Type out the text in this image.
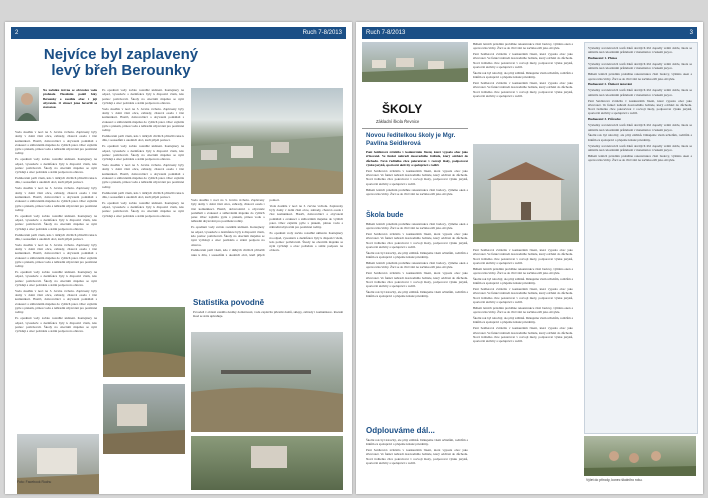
2	Ruch 7-8/2013
Nejvíce byl zaplavený levý břeh Berounky
Na začátku června se obrovská voda prohnala Hostěním podél řeky Berounky a zasáhla obec i její obyvatele. O situaci jsme hovořili se starostou.

Voda dosáhla v noci na 3. června vrcholu. Zaplaveny byly domy v dolní části obce, zahrady, chatová osada i část komunikací. Hasiči, dobrovolníci a obyvatelé pomáhali s evakuací a stěhováním majetku do vyšších pater. Obec zajistila pytle s pískem, pitnou vodu a náhradní ubytování pro postižené rodiny.

Po opadnutí vody začalo rozsáhlé uklízení. Kontejnery na odpad, vysoušeče a dezinfekce byly k dispozici všem, kdo pomoc potřebovali. Škody na obecním majetku se nyní vyčíslují a obec požádala o státní podporu na obnovu.

Poděkování patří všem, kdo v těžkých chvílích přiložili ruku k dílu, i sousedům z okolních obcí, kteří přijeli pomoci.

Voda dosáhla v noci na 3. června vrcholu. Zaplaveny byly domy v dolní části obce, zahrady, chatová osada i část komunikací. Hasiči, dobrovolníci a obyvatelé pomáhali s evakuací a stěhováním majetku do vyšších pater. Obec zajistila pytle s pískem, pitnou vodu a náhradní ubytování pro postižené rodiny.

Po opadnutí vody začalo rozsáhlé uklízení. Kontejnery na odpad, vysoušeče a dezinfekce byly k dispozici všem, kdo pomoc potřebovali. Škody na obecním majetku se nyní vyčíslují a obec požádala o státní podporu na obnovu.

Poděkování patří všem, kdo v těžkých chvílích přiložili ruku k dílu, i sousedům z okolních obcí, kteří přijeli pomoci.

Voda dosáhla v noci na 3. června vrcholu. Zaplaveny byly domy v dolní části obce, zahrady, chatová osada i část komunikací. Hasiči, dobrovolníci a obyvatelé pomáhali s evakuací a stěhováním majetku do vyšších pater. Obec zajistila pytle s pískem, pitnou vodu a náhradní ubytování pro postižené rodiny.

Po opadnutí vody začalo rozsáhlé uklízení. Kontejnery na odpad, vysoušeče a dezinfekce byly k dispozici všem, kdo pomoc potřebovali. Škody na obecním majetku se nyní vyčíslují a obec požádala o státní podporu na obnovu.

Voda dosáhla v noci na 3. června vrcholu. Zaplaveny byly domy v dolní části obce, zahrady, chatová osada i část komunikací. Hasiči, dobrovolníci a obyvatelé pomáhali s evakuací a stěhováním majetku do vyšších pater. Obec zajistila pytle s pískem, pitnou vodu a náhradní ubytování pro postižené rodiny.

Po opadnutí vody začalo rozsáhlé uklízení. Kontejnery na odpad, vysoušeče a dezinfekce byly k dispozici všem, kdo pomoc potřebovali. Škody na obecním majetku se nyní vyčíslují a obec požádala o státní podporu na obnovu.

Po opadnutí vody začalo rozsáhlé uklízení. Kontejnery na odpad, vysoušeče a dezinfekce byly k dispozici všem, kdo pomoc potřebovali. Škody na obecním majetku se nyní vyčíslují a obec požádala o státní podporu na obnovu.

Voda dosáhla v noci na 3. června vrcholu. Zaplaveny byly domy v dolní části obce, zahrady, chatová osada i část komunikací. Hasiči, dobrovolníci a obyvatelé pomáhali s evakuací a stěhováním majetku do vyšších pater. Obec zajistila pytle s pískem, pitnou vodu a náhradní ubytování pro postižené rodiny.

Poděkování patří všem, kdo v těžkých chvílích přiložili ruku k dílu, i sousedům z okolních obcí, kteří přijeli pomoci.

Po opadnutí vody začalo rozsáhlé uklízení. Kontejnery na odpad, vysoušeče a dezinfekce byly k dispozici všem, kdo pomoc potřebovali. Škody na obecním majetku se nyní vyčíslují a obec požádala o státní podporu na obnovu.

Voda dosáhla v noci na 3. června vrcholu. Zaplaveny byly domy v dolní části obce, zahrady, chatová osada i část komunikací. Hasiči, dobrovolníci a obyvatelé pomáhali s evakuací a stěhováním majetku do vyšších pater. Obec zajistila pytle s pískem, pitnou vodu a náhradní ubytování pro postižené rodiny.

Poděkování patří všem, kdo v těžkých chvílích přiložili ruku k dílu, i sousedům z okolních obcí, kteří přijeli pomoci.

Po opadnutí vody začalo rozsáhlé uklízení. Kontejnery na odpad, vysoušeče a dezinfekce byly k dispozici všem, kdo pomoc potřebovali. Škody na obecním majetku se nyní vyčíslují a obec požádala o státní podporu na obnovu.

Foto: Facebook Ruchu

Voda dosáhla v noci na 3. června vrcholu. Zaplaveny byly domy v dolní části obce, zahrady, chatová osada i část komunikací. Hasiči, dobrovolníci a obyvatelé pomáhali s evakuací a stěhováním majetku do vyšších pater. Obec zajistila pytle s pískem, pitnou vodu a náhradní ubytování pro postižené rodiny.

Po opadnutí vody začalo rozsáhlé uklízení. Kontejnery na odpad, vysoušeče a dezinfekce byly k dispozici všem, kdo pomoc potřebovali. Škody na obecním majetku se nyní vyčíslují a obec požádala o státní podporu na obnovu.

Poděkování patří všem, kdo v těžkých chvílích přiložili ruku k dílu, i sousedům z okolních obcí, kteří přijeli pomoci.

Voda dosáhla v noci na 3. června vrcholu. Zaplaveny byly domy v dolní části obce, zahrady, chatová osada i část komunikací. Hasiči, dobrovolníci a obyvatelé pomáhali s evakuací a stěhováním majetku do vyšších pater. Obec zajistila pytle s pískem, pitnou vodu a náhradní ubytování pro postižené rodiny.

Po opadnutí vody začalo rozsáhlé uklízení. Kontejnery na odpad, vysoušeče a dezinfekce byly k dispozici všem, kdo pomoc potřebovali. Škody na obecním majetku se nyní vyčíslují a obec požádala o státní podporu na obnovu.

Statistika povodně
Povodeň v oblasti zasáhla desítky domácností, voda zaplavila přízemí domů, sklepy, zahrady i komunikace. Rozsah škod se stále upřesňuje.
Ruch 7-8/2013	3
ŠKOLY
Základní škola Řevnice
Novou ředitelkou školy je Mgr. Pavlína Seidlerová

Paní Seidlerová zvítězila v konkurzním řízení, které vypsala obec jako zřizovatel. Ve funkci nahradí dosavadního ředitele, který odchází do důchodu. Nová ředitelka chce pokračovat v rozvoji školy, podporovat výuku jazyků, sportovní aktivity a spolupráci s rodiči.

Paní Seidlerová zvítězila v konkurzním řízení, které vypsala obec jako zřizovatel. Ve funkci nahradí dosavadního ředitele, který odchází do důchodu. Nová ředitelka chce pokračovat v rozvoji školy, podporovat výuku jazyků, sportovní aktivity a spolupráci s rodiči.

Během letních prázdnin proběhne rekonstrukce části budovy, výměna oken a oprava tělocvičny. Žáci se do tříd vrátí na začátku září jako obvykle.

Škola bude

Během letních prázdnin proběhne rekonstrukce části budovy, výměna oken a oprava tělocvičny. Žáci se do tříd vrátí na začátku září jako obvykle.

Paní Seidlerová zvítězila v konkurzním řízení, které vypsala obec jako zřizovatel. Ve funkci nahradí dosavadního ředitele, který odchází do důchodu. Nová ředitelka chce pokračovat v rozvoji školy, podporovat výuku jazyků, sportovní aktivity a spolupráci s rodiči.

Školní rok byl náročný, ale plný zážitků. Děkujeme všem učitelům, rodičům a žákům za spolupráci a přejeme krásné prázdniny.

Během letních prázdnin proběhne rekonstrukce části budovy, výměna oken a oprava tělocvičny. Žáci se do tříd vrátí na začátku září jako obvykle.

Paní Seidlerová zvítězila v konkurzním řízení, které vypsala obec jako zřizovatel. Ve funkci nahradí dosavadního ředitele, který odchází do důchodu. Nová ředitelka chce pokračovat v rozvoji školy, podporovat výuku jazyků, sportovní aktivity a spolupráci s rodiči.

Školní rok byl náročný, ale plný zážitků. Děkujeme všem učitelům, rodičům a žákům za spolupráci a přejeme krásné prázdniny.

Odplouváme dál...

Školní rok byl náročný, ale plný zážitků. Děkujeme všem učitelům, rodičům a žákům za spolupráci a přejeme krásné prázdniny.

Paní Seidlerová zvítězila v konkurzním řízení, které vypsala obec jako zřizovatel. Ve funkci nahradí dosavadního ředitele, který odchází do důchodu. Nová ředitelka chce pokračovat v rozvoji školy, podporovat výuku jazyků, sportovní aktivity a spolupráci s rodiči.

Během letních prázdnin proběhne rekonstrukce části budovy, výměna oken a oprava tělocvičny. Žáci se do tříd vrátí na začátku září jako obvykle.

Paní Seidlerová zvítězila v konkurzním řízení, které vypsala obec jako zřizovatel. Ve funkci nahradí dosavadního ředitele, který odchází do důchodu. Nová ředitelka chce pokračovat v rozvoji školy, podporovat výuku jazyků, sportovní aktivity a spolupráci s rodiči.

Školní rok byl náročný, ale plný zážitků. Děkujeme všem učitelům, rodičům a žákům za spolupráci a přejeme krásné prázdniny.

Paní Seidlerová zvítězila v konkurzním řízení, které vypsala obec jako zřizovatel. Ve funkci nahradí dosavadního ředitele, který odchází do důchodu. Nová ředitelka chce pokračovat v rozvoji školy, podporovat výuku jazyků, sportovní aktivity a spolupráci s rodiči.

Paní Seidlerová zvítězila v konkurzním řízení, které vypsala obec jako zřizovatel. Ve funkci nahradí dosavadního ředitele, který odchází do důchodu. Nová ředitelka chce pokračovat v rozvoji školy, podporovat výuku jazyků, sportovní aktivity a spolupráci s rodiči.

Během letních prázdnin proběhne rekonstrukce části budovy, výměna oken a oprava tělocvičny. Žáci se do tříd vrátí na začátku září jako obvykle.

Školní rok byl náročný, ale plný zážitků. Děkujeme všem učitelům, rodičům a žákům za spolupráci a přejeme krásné prázdniny.

Paní Seidlerová zvítězila v konkurzním řízení, které vypsala obec jako zřizovatel. Ve funkci nahradí dosavadního ředitele, který odchází do důchodu. Nová ředitelka chce pokračovat v rozvoji školy, podporovat výuku jazyků, sportovní aktivity a spolupráci s rodiči.

Během letních prázdnin proběhne rekonstrukce části budovy, výměna oken a oprava tělocvičny. Žáci se do tříd vrátí na začátku září jako obvykle.

Školní rok byl náročný, ale plný zážitků. Děkujeme všem učitelům, rodičům a žákům za spolupráci a přejeme krásné prázdniny.

Paní Seidlerová zvítězila v konkurzním řízení, které vypsala obec jako zřizovatel. Ve funkci nahradí dosavadního ředitele, který odchází do důchodu. Nová ředitelka chce pokračovat v rozvoji školy, podporovat výuku jazyků, sportovní aktivity a spolupráci s rodiči.

Výsledky srovnávacích testů žáků devátých tříd dopadly velmi dobře, škola se umístila nad celostátním průměrem v matematice i českém jazyce.

Hodnocení: 1. Přenos

Výsledky srovnávacích testů žáků devátých tříd dopadly velmi dobře, škola se umístila nad celostátním průměrem v matematice i českém jazyce.

Během letních prázdnin proběhne rekonstrukce části budovy, výměna oken a oprava tělocvičny. Žáci se do tříd vrátí na začátku září jako obvykle.

Hodnocení: 2. Úlohové testování

Výsledky srovnávacích testů žáků devátých tříd dopadly velmi dobře, škola se umístila nad celostátním průměrem v matematice i českém jazyce.

Paní Seidlerová zvítězila v konkurzním řízení, které vypsala obec jako zřizovatel. Ve funkci nahradí dosavadního ředitele, který odchází do důchodu. Nová ředitelka chce pokračovat v rozvoji školy, podporovat výuku jazyků, sportovní aktivity a spolupráci s rodiči.

Hodnocení: 3. Průvodce

Výsledky srovnávacích testů žáků devátých tříd dopadly velmi dobře, škola se umístila nad celostátním průměrem v matematice i českém jazyce.

Školní rok byl náročný, ale plný zážitků. Děkujeme všem učitelům, rodičům a žákům za spolupráci a přejeme krásné prázdniny.

Výsledky srovnávacích testů žáků devátých tříd dopadly velmi dobře, škola se umístila nad celostátním průměrem v matematice i českém jazyce.

Během letních prázdnin proběhne rekonstrukce části budovy, výměna oken a oprava tělocvičny. Žáci se do tříd vrátí na začátku září jako obvykle.

Výlet do přírody, konec školního roku.
